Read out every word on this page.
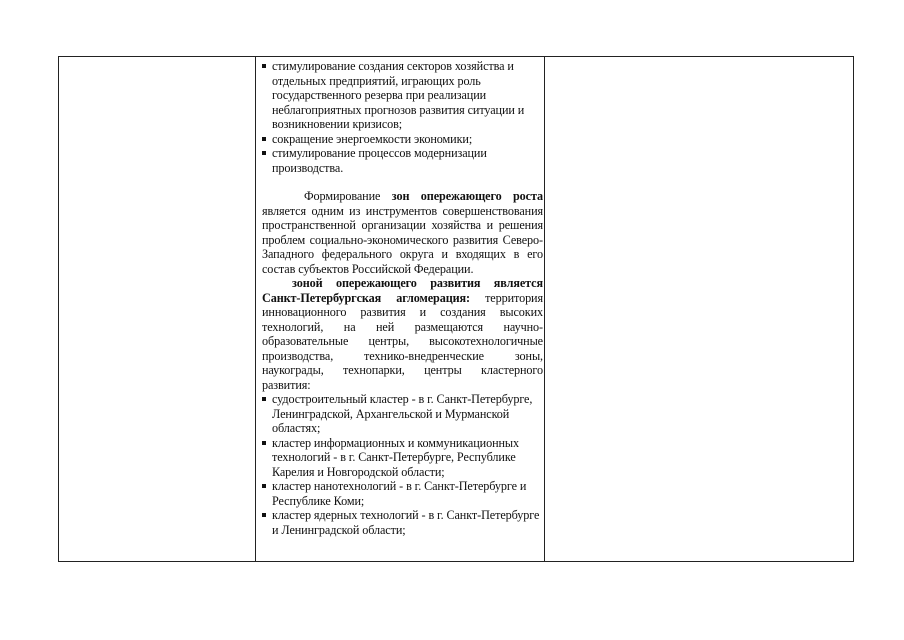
стимулирование создания секторов хозяйства и отдельных предприятий, играющих роль государственного резерва при реализации неблагоприятных прогнозов развития ситуации и возникновении кризисов;
сокращение энергоемкости экономики;
стимулирование процессов модернизации производства.
Формирование зон опережающего роста является одним из инструментов совершенствования пространственной организации хозяйства и решения проблем социально-экономического развития Северо-Западного федерального округа и входящих в его состав субъектов Российской Федерации.
зоной опережающего развития является Санкт-Петербургская агломерация: территория инновационного развития и создания высоких технологий, на ней размещаются научно-образовательные центры, высокотехнологичные производства, технико-внедренческие зоны, наукограды, технопарки, центры кластерного развития:
судостроительный кластер - в г. Санкт-Петербурге, Ленинградской, Архангельской и Мурманской областях;
кластер информационных и коммуникационных технологий - в г. Санкт-Петербурге, Республике Карелия и Новгородской области;
кластер нанотехнологий - в г. Санкт-Петербурге и Республике Коми;
кластер ядерных технологий - в г. Санкт-Петербурге и Ленинградской области;
